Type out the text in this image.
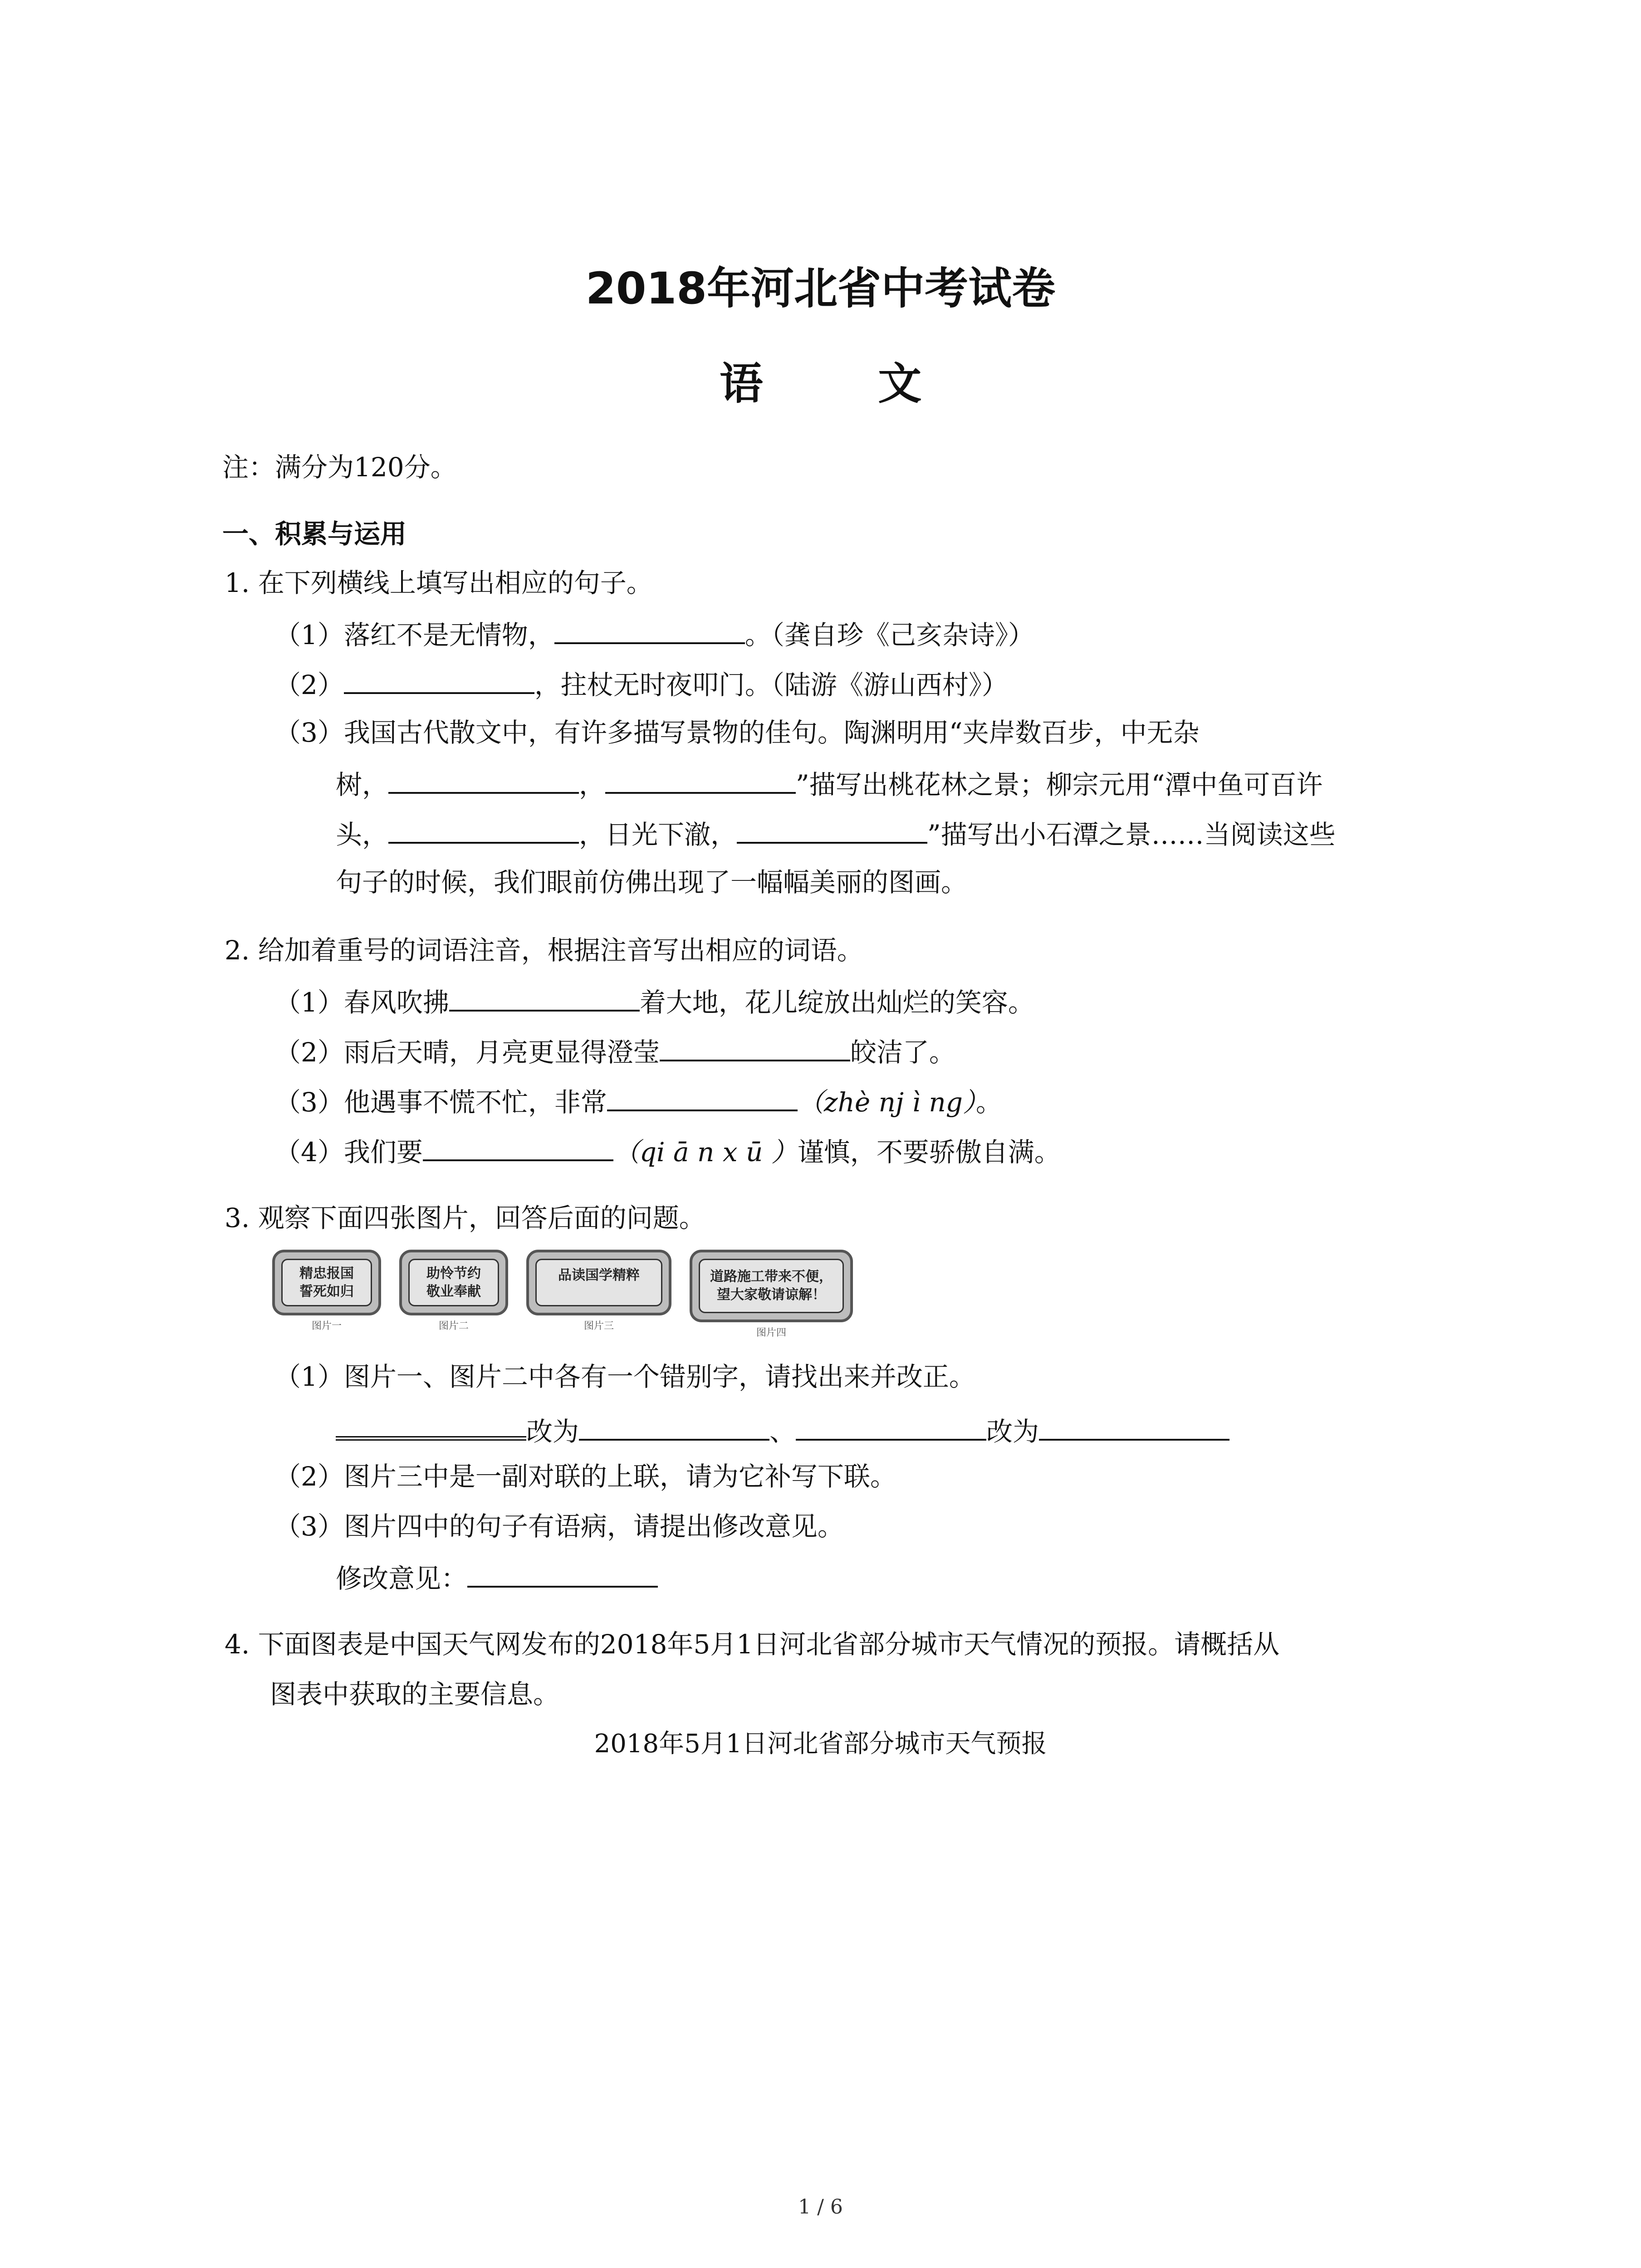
2018年河北省中考试卷
语 文
注：满分为120分。
一、积累与运用
1. 在下列横线上填写出相应的句子。
（1）落红不是无情物，	。（龚自珍《己亥杂诗》）
（2）	，拄杖无时夜叩门。（陆游《游山西村》）
（3）我国古代散文中，有许多描写景物的佳句。陶渊明用“夹岸数百步，中无杂
树，	，	”描写出桃花林之景；柳宗元用“潭中鱼可百许
头，	，日光下澈，	”描写出小石潭之景……当阅读这些
句子的时候，我们眼前仿佛出现了一幅幅美丽的图画。
2. 给加着重号的词语注音，根据注音写出相应的词语。
（1）春风吹拂	着大地，花儿绽放出灿烂的笑容。
（2）雨后天晴，月亮更显得澄莹	皎洁了。
（3）他遇事不慌不忙，非常	（zhè nj ì ng）。
（4）我们要	（qi ā n x ū ）谨慎，不要骄傲自满。
3. 观察下面四张图片，回答后面的问题。
精忠报国
誓死如归
图片一
助怜节约
敬业奉献
图片二
品读国学精粹
图片三
道路施工带来不便，
望大家敬请谅解！
图片四
（1）图片一、图片二中各有一个错别字，请找出来并改正。
改为	、	改为
（2）图片三中是一副对联的上联，请为它补写下联。
（3）图片四中的句子有语病，请提出修改意见。
修改意见：
4. 下面图表是中国天气网发布的2018年5月1日河北省部分城市天气情况的预报。请概括从
图表中获取的主要信息。
2018年5月1日河北省部分城市天气预报
1 / 6
